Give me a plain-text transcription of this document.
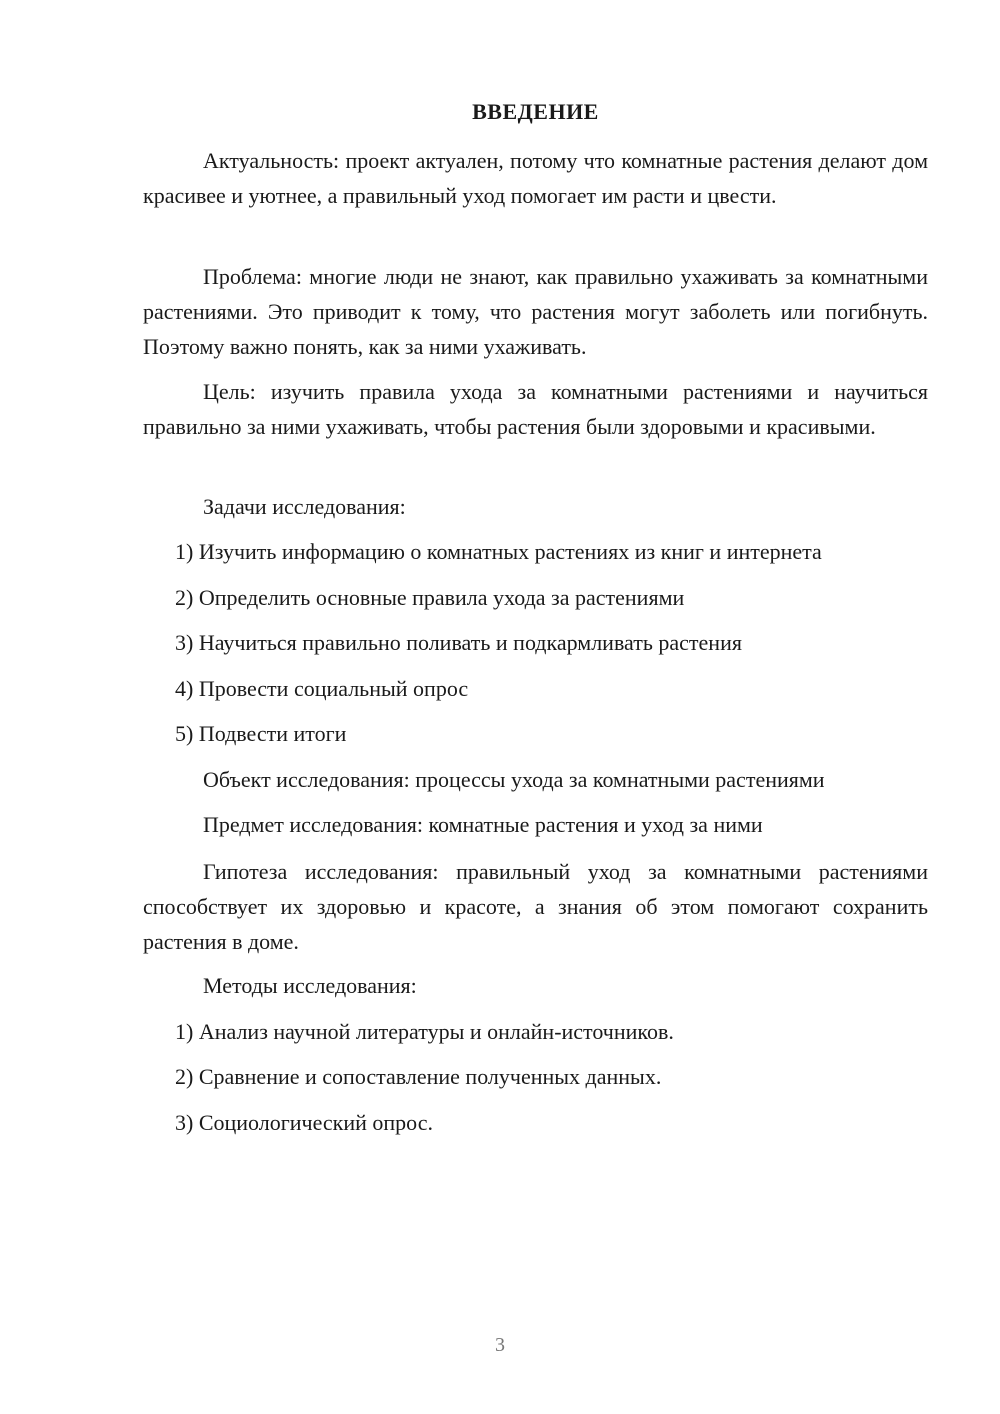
ВВЕДЕНИЕ

Актуальность: проект актуален, потому что комнатные растения делают дом красивее и уютнее, а правильный уход помогает им расти и цвести.

Проблема: многие люди не знают, как правильно ухаживать за комнатными растениями. Это приводит к тому, что растения могут заболеть или погибнуть. Поэтому важно понять, как за ними ухаживать.

Цель: изучить правила ухода за комнатными растениями и научиться правильно за ними ухаживать, чтобы растения были здоровыми и красивыми.

Задачи исследования:

1) Изучить информацию о комнатных растениях из книг и интернета

2) Определить основные правила ухода за растениями

3) Научиться правильно поливать и подкармливать растения

4) Провести социальный опрос

5) Подвести итоги

Объект исследования: процессы ухода за комнатными растениями

Предмет исследования: комнатные растения и уход за ними

Гипотеза исследования: правильный уход за комнатными растениями способствует их здоровью и красоте, а знания об этом помогают сохранить растения в доме.

Методы исследования:

1) Анализ научной литературы и онлайн-источников.

2) Сравнение и сопоставление полученных данных.

3) Социологический опрос.

3
